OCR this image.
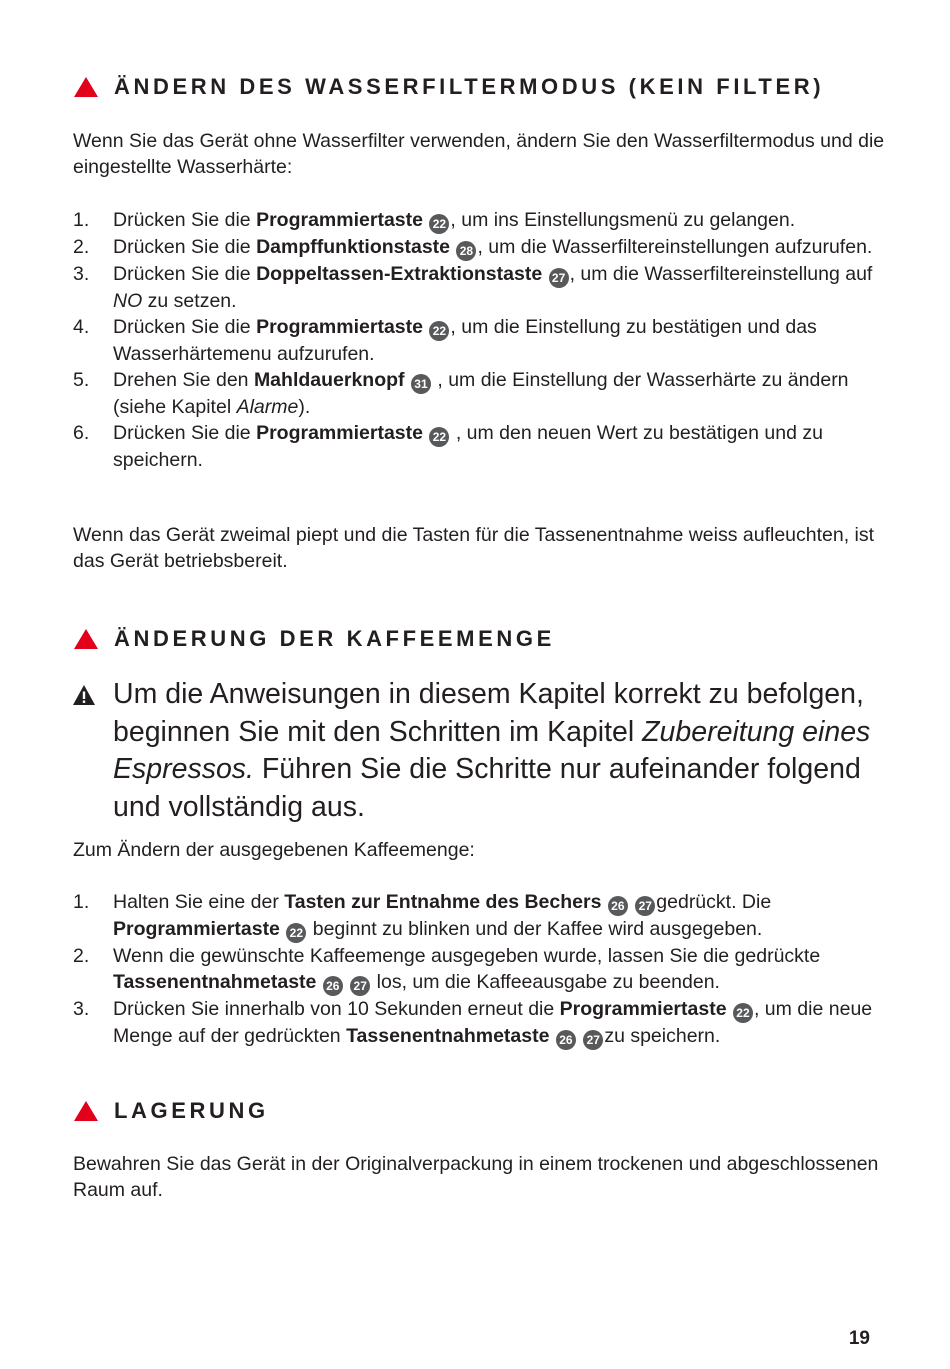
ÄNDERN DES WASSERFILTERMODUS (KEIN FILTER)
Wenn Sie das Gerät ohne Wasserfilter verwenden, ändern Sie den Wasserfiltermodus und die eingestellte Wasserhärte:
1. Drücken Sie die Programmiertaste 22 , um ins Einstellungsmenü zu gelangen.
2. Drücken Sie die Dampffunktionstaste 28 , um die Wasserfiltereinstellungen aufzurufen.
3. Drücken Sie die Doppeltassen-Extraktionstaste 27 , um die Wasserfiltereinstellung auf NO zu setzen.
4. Drücken Sie die Programmiertaste 22 , um die Einstellung zu bestätigen und das Wasserhärtemenu aufzurufen.
5. Drehen Sie den Mahldauerknopf 31 , um die Einstellung der Wasserhärte zu ändern (siehe Kapitel Alarme).
6. Drücken Sie die Programmiertaste 22 , um den neuen Wert zu bestätigen und zu speichern.
Wenn das Gerät zweimal piept und die Tasten für die Tassenentnahme weiss aufleuchten, ist das Gerät betriebsbereit.
ÄNDERUNG DER KAFFEEMENGE
Um die Anweisungen in diesem Kapitel korrekt zu befolgen, beginnen Sie mit den Schritten im Kapitel Zubereitung eines Espressos. Führen Sie die Schritte nur aufeinander folgend und vollständig aus.
Zum Ändern der ausgegebenen Kaffeemenge:
1. Halten Sie eine der Tasten zur Entnahme des Bechers 26 27 gedrückt. Die Programmiertaste 22 beginnt zu blinken und der Kaffee wird ausgegeben.
2. Wenn die gewünschte Kaffeemenge ausgegeben wurde, lassen Sie die gedrückte Tassenentnahmetaste 26 27 los, um die Kaffeeausgabe zu beenden.
3. Drücken Sie innerhalb von 10 Sekunden erneut die Programmiertaste 22 , um die neue Menge auf der gedrückten Tassenentnahmetaste 26 27 zu speichern.
LAGERUNG
Bewahren Sie das Gerät in der Originalverpackung in einem trockenen und abgeschlossenen Raum auf.
19
